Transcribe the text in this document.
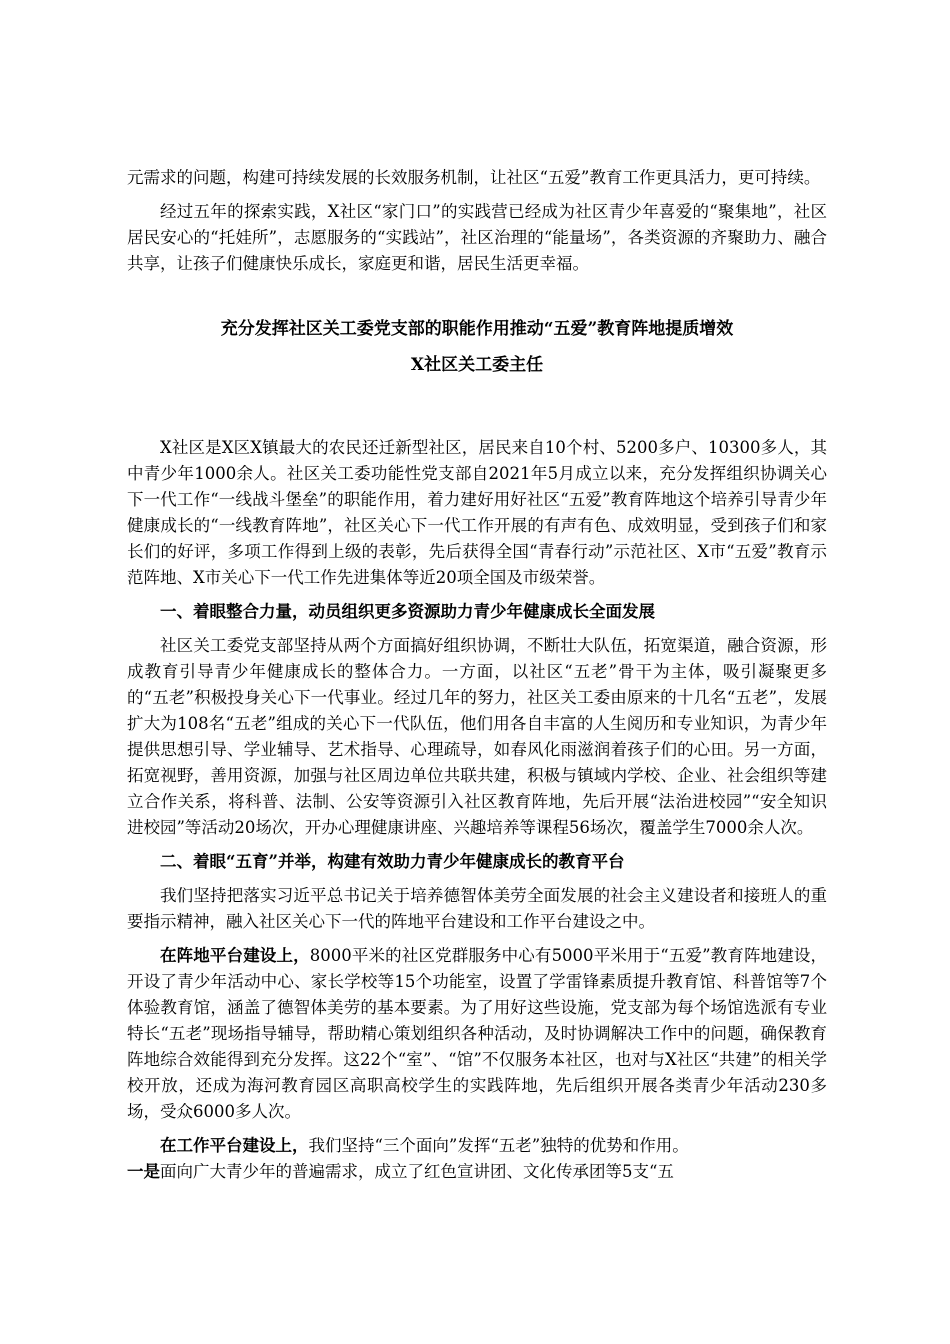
元需求的问题，构建可持续发展的长效服务机制，让社区“五爱”教育工作更具活力，更可持续。

经过五年的探索实践，X社区“家门口”的实践营已经成为社区青少年喜爱的“聚集地”，社区居民安心的“托娃所”，志愿服务的“实践站”，社区治理的“能量场”，各类资源的齐聚助力、融合共享，让孩子们健康快乐成长，家庭更和谐，居民生活更幸福。

充分发挥社区关工委党支部的职能作用推动“五爱”教育阵地提质增效

X社区关工委主任

X社区是X区X镇最大的农民还迁新型社区，居民来自10个村、5200多户、10300多人，其中青少年1000余人。社区关工委功能性党支部自2021年5月成立以来，充分发挥组织协调关心下一代工作“一线战斗堡垒”的职能作用，着力建好用好社区“五爱”教育阵地这个培养引导青少年健康成长的“一线教育阵地”，社区关心下一代工作开展的有声有色、成效明显，受到孩子们和家长们的好评，多项工作得到上级的表彰，先后获得全国“青春行动”示范社区、X市“五爱”教育示范阵地、X市关心下一代工作先进集体等近20项全国及市级荣誉。

一、着眼整合力量，动员组织更多资源助力青少年健康成长全面发展

社区关工委党支部坚持从两个方面搞好组织协调，不断壮大队伍，拓宽渠道，融合资源，形成教育引导青少年健康成长的整体合力。一方面，以社区“五老”骨干为主体，吸引凝聚更多的“五老”积极投身关心下一代事业。经过几年的努力，社区关工委由原来的十几名“五老”，发展扩大为108名“五老”组成的关心下一代队伍，他们用各自丰富的人生阅历和专业知识，为青少年提供思想引导、学业辅导、艺术指导、心理疏导，如春风化雨滋润着孩子们的心田。另一方面，拓宽视野，善用资源，加强与社区周边单位共联共建，积极与镇域内学校、企业、社会组织等建立合作关系，将科普、法制、公安等资源引入社区教育阵地，先后开展“法治进校园”“安全知识进校园”等活动20场次，开办心理健康讲座、兴趣培养等课程56场次，覆盖学生7000余人次。

二、着眼“五育”并举，构建有效助力青少年健康成长的教育平台

我们坚持把落实习近平总书记关于培养德智体美劳全面发展的社会主义建设者和接班人的重要指示精神，融入社区关心下一代的阵地平台建设和工作平台建设之中。

在阵地平台建设上，8000平米的社区党群服务中心有5000平米用于“五爱”教育阵地建设，开设了青少年活动中心、家长学校等15个功能室，设置了学雷锋素质提升教育馆、科普馆等7个体验教育馆，涵盖了德智体美劳的基本要素。为了用好这些设施，党支部为每个场馆选派有专业特长“五老”现场指导辅导，帮助精心策划组织各种活动，及时协调解决工作中的问题，确保教育阵地综合效能得到充分发挥。这22个“室”、“馆”不仅服务本社区，也对与X社区“共建”的相关学校开放，还成为海河教育园区高职高校学生的实践阵地，先后组织开展各类青少年活动230多场，受众6000多人次。

在工作平台建设上，我们坚持“三个面向”发挥“五老”独特的优势和作用。
一是面向广大青少年的普遍需求，成立了红色宣讲团、文化传承团等5支“五
